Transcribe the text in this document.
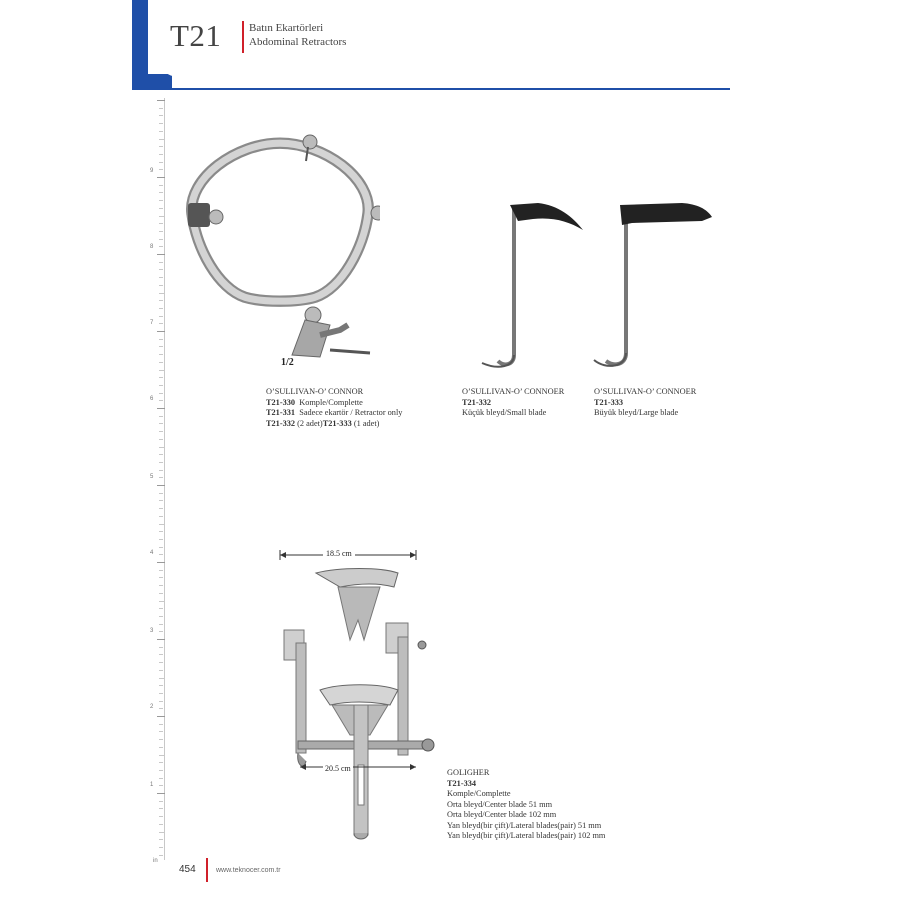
T21	Batın Ekartörleri
Abdominal Retractors
9
8
7
6
5
4
3
2
1
in
1/2
O’SULLIVAN-O’ CONNOR
T21-330 Komple/Complette
T21-331 Sadece ekartör / Retractor only
T21-332 (2 adet)T21-333 (1 adet)
O’SULLIVAN-O’ CONNOER
T21-332
Küçük bleyd/Small blade
O’SULLIVAN-O’ CONNOER
T21-333
Büyük bleyd/Large blade
18.5 cm
20.5 cm	GOLIGHER
T21-334
Komple/Complette
Orta bleyd/Center blade 51 mm
Orta bleyd/Center blade 102 mm
Yan bleyd(bir çift)/Lateral blades(pair) 51 mm
Yan bleyd(bir çift)/Lateral blades(pair) 102 mm
454	www.teknocer.com.tr
